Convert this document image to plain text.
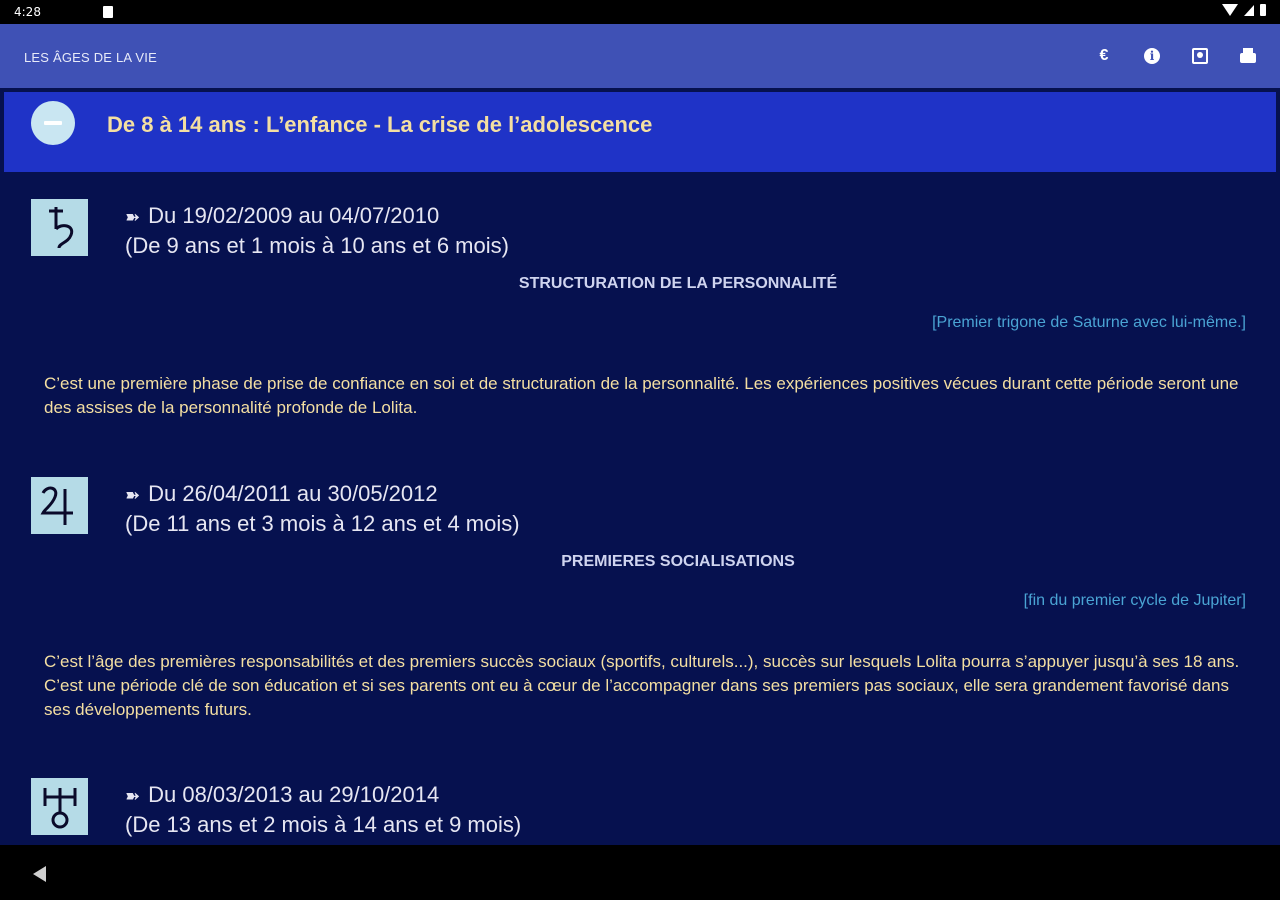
4:28
LES ÂGES DE LA VIE	€	i
De 8 à 14 ans : L’enfance - La crise de l’adolescence
➽ Du 19/02/2009 au 04/07/2010
(De 9 ans et 1 mois à 10 ans et 6 mois)
STRUCTURATION DE LA PERSONNALITÉ
[Premier trigone de Saturne avec lui-même.]
C’est une première phase de prise de confiance en soi et de structuration de la personnalité. Les expériences positives vécues durant cette période seront une des assises de la personnalité profonde de Lolita.
➽ Du 26/04/2011 au 30/05/2012
(De 11 ans et 3 mois à 12 ans et 4 mois)
PREMIERES SOCIALISATIONS
[fin du premier cycle de Jupiter]
C’est l’âge des premières responsabilités et des premiers succès sociaux (sportifs, culturels...), succès sur lesquels Lolita pourra s’appuyer jusqu’à ses 18 ans. C’est une période clé de son éducation et si ses parents ont eu à cœur de l’accompagner dans ses premiers pas sociaux, elle sera grandement favorisé dans ses développements futurs.
➽ Du 08/03/2013 au 29/10/2014
(De 13 ans et 2 mois à 14 ans et 9 mois)
